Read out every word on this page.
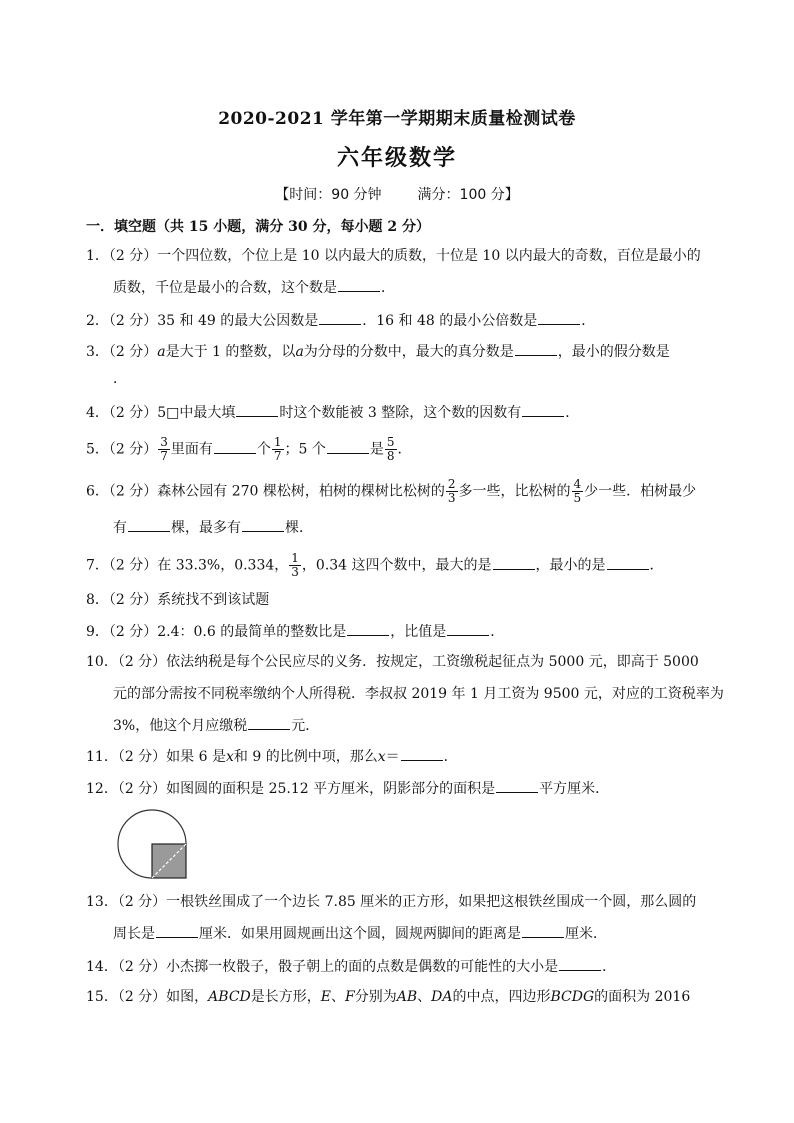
2020-2021 学年第一学期期末质量检测试卷
六年级数学
【时间：90 分钟	满分：100 分】
一．填空题（共 15 小题，满分 30 分，每小题 2 分）
1．（2 分）一个四位数，个位上是 10 以内最大的质数，十位是 10 以内最大的奇数，百位是最小的
质数，千位是最小的合数，这个数是	．
2．（2 分）35 和 49 的最大公因数是	．16 和 48 的最小公倍数是	．
3．（2 分）a是大于 1 的整数，以a为分母的分数中，最大的真分数是	，最小的假分数是
．
4．（2 分）5□中最大填	时这个数能被 3 整除，这个数的因数有	．
5．（2 分） $\frac{3}{7}$ 里面有	个 $\frac{1}{7}$ ；5 个	是 $\frac{5}{8}$ ．
6．（2 分）森林公园有 270 棵松树，柏树的棵树比松树的 $\frac{2}{3}$ 多一些，比松树的 $\frac{4}{5}$ 少一些．柏树最少
有	棵，最多有	棵．
7．（2 分）在 33.3%，0.334， $\frac{1}{3}$ ，0.34 这四个数中，最大的是	，最小的是	．
8．（2 分）系统找不到该试题
9．（2 分）2.4：0.6 的最简单的整数比是	，比值是	．
10．（2 分）依法纳税是每个公民应尽的义务．按规定，工资缴税起征点为 5000 元，即高于 5000
元的部分需按不同税率缴纳个人所得税．李叔叔 2019 年 1 月工资为 9500 元，对应的工资税率为
3%，他这个月应缴税	元．
11．（2 分）如果 6 是x和 9 的比例中项，那么x＝	．
12．（2 分）如图圆的面积是 25.12 平方厘米，阴影部分的面积是	平方厘米．
13．（2 分）一根铁丝围成了一个边长 7.85 厘米的正方形，如果把这根铁丝围成一个圆，那么圆的
周长是	厘米．如果用圆规画出这个圆，圆规两脚间的距离是	厘米．
14．（2 分）小杰掷一枚骰子，骰子朝上的面的点数是偶数的可能性的大小是	．
15．（2 分）如图，ABCD是长方形，E、F分别为AB、DA的中点，四边形BCDG的面积为 2016
